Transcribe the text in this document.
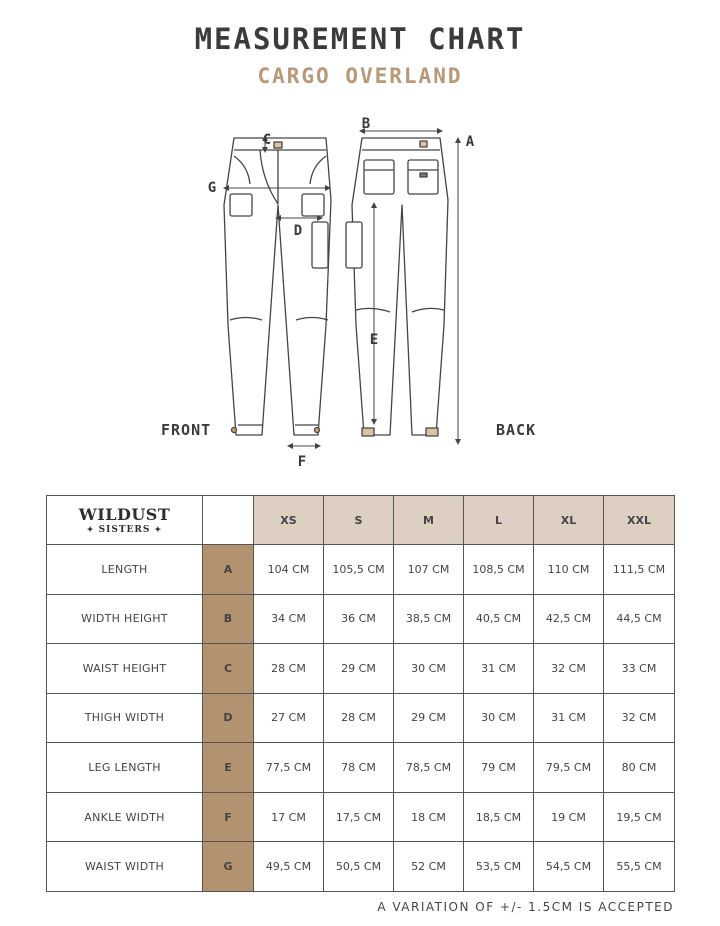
MEASUREMENT CHART
CARGO OVERLAND
FRONT	BACK
C
B
A
G
D
E
F
WILDUST
✦ SISTERS ✦		XS	S	M	L	XL	XXL
LENGTH	A	104 CM	105,5 CM	107 CM	108,5 CM	110 CM	111,5 CM
WIDTH HEIGHT	B	34 CM	36 CM	38,5 CM	40,5 CM	42,5 CM	44,5 CM
WAIST HEIGHT	C	28 CM	29 CM	30 CM	31 CM	32 CM	33 CM
THIGH WIDTH	D	27 CM	28 CM	29 CM	30 CM	31 CM	32 CM
LEG LENGTH	E	77,5 CM	78 CM	78,5 CM	79 CM	79,5 CM	80 CM
ANKLE WIDTH	F	17 CM	17,5 CM	18 CM	18,5 CM	19 CM	19,5 CM
WAIST WIDTH	G	49,5 CM	50,5 CM	52 CM	53,5 CM	54,5 CM	55,5 CM
A VARIATION OF +/- 1.5CM IS ACCEPTED
